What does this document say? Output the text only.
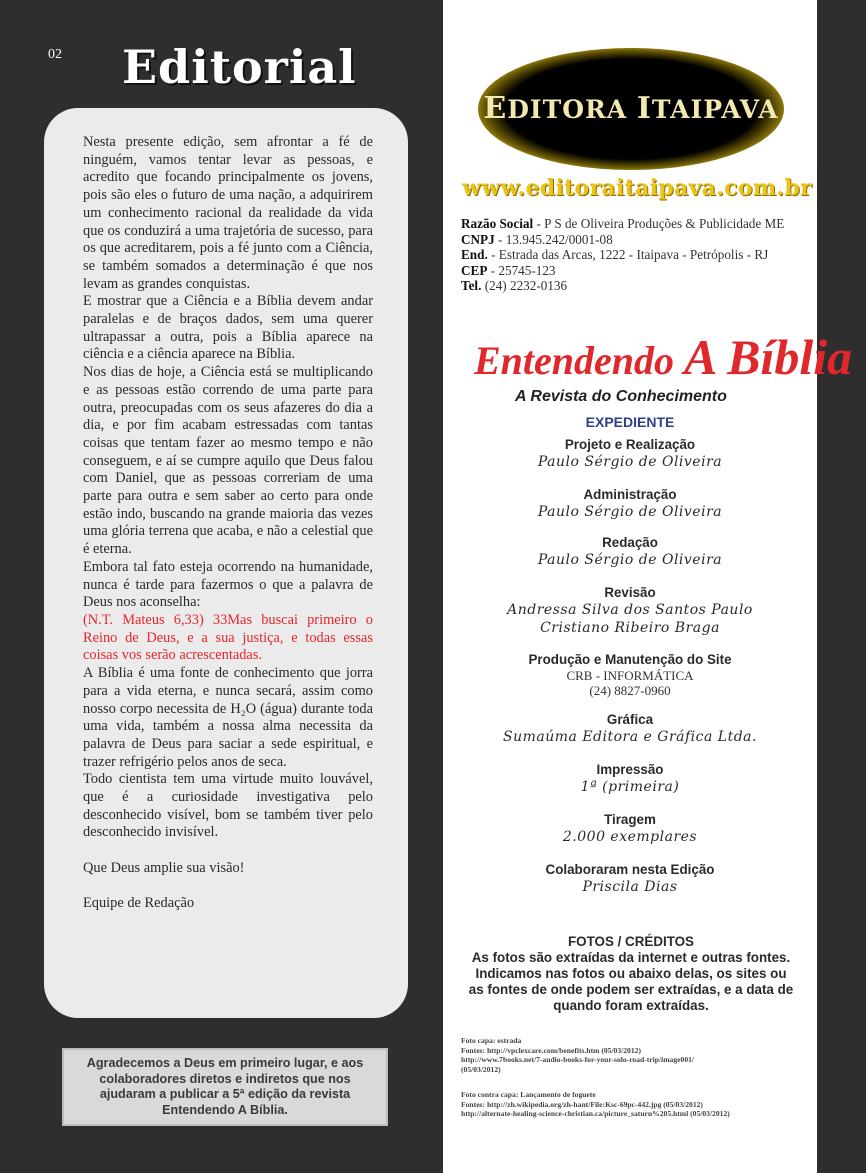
02 Editorial

Nesta presente edição, sem afrontar a fé de ninguém, vamos tentar levar as pessoas, e acredito que focando principalmente os jovens, pois são eles o futuro de uma nação, a adquirirem um conhecimento racional da realidade da vida que os conduzirá a uma trajetória de sucesso, para os que acreditarem, pois a fé junto com a Ciência, se também somados a determinação é que nos levam as grandes conquistas.

E mostrar que a Ciência e a Bíblia devem andar paralelas e de braços dados, sem uma querer ultrapassar a outra, pois a Bíblia aparece na ciência e a ciência aparece na Bíblia.

Nos dias de hoje, a Ciência está se multiplicando e as pessoas estão correndo de uma parte para outra, preocupadas com os seus afazeres do dia a dia, e por fim acabam estressadas com tantas coisas que tentam fazer ao mesmo tempo e não conseguem, e aí se cumpre aquilo que Deus falou com Daniel, que as pessoas correriam de uma parte para outra e sem saber ao certo para onde estão indo, buscando na grande maioria das vezes uma glória terrena que acaba, e não a celestial que é eterna.

Embora tal fato esteja ocorrendo na humanidade, nunca é tarde para fazermos o que a palavra de Deus nos aconselha:

(N.T. Mateus 6,33) 33Mas buscai primeiro o Reino de Deus, e a sua justiça, e todas essas coisas vos serão acrescentadas.

A Bíblia é uma fonte de conhecimento que jorra para a vida eterna, e nunca secará, assim como nosso corpo necessita de H₂O (água) durante toda uma vida, também a nossa alma necessita da palavra de Deus para saciar a sede espiritual, e trazer refrigério pelos anos de seca.

Todo cientista tem uma virtude muito louvável, que é a curiosidade investigativa pelo desconhecido visível, bom se também tiver pelo desconhecido invisível.

Que Deus amplie sua visão!

Equipe de Redação

Agradecemos a Deus em primeiro lugar, e aos colaboradores diretos e indiretos que nos ajudaram a publicar a 5ª edição da revista Entendendo A Bíblia.
EDITORA ITAIPAVA
www.editoraitaipava.com.br
Razão Social - P S de Oliveira Produções & Publicidade ME
CNPJ - 13.945.242/0001-08
End. - Estrada das Arcas, 1222 - Itaipava - Petrópolis - RJ
CEP - 25745-123
Tel. (24) 2232-0136
Entendendo A Bíblia
A Revista do Conhecimento
EXPEDIENTE
Projeto e Realização
Paulo Sérgio de Oliveira
Administração
Paulo Sérgio de Oliveira
Redação
Paulo Sérgio de Oliveira
Revisão
Andressa Silva dos Santos Paulo
Cristiano Ribeiro Braga
Produção e Manutenção do Site
CRB - INFORMÁTICA
(24) 8827-0960
Gráfica
Sumaúma Editora e Gráfica Ltda.
Impressão
1ª (primeira)
Tiragem
2.000 exemplares
Colaboraram nesta Edição
Priscila Dias
FOTOS / CRÉDITOS
As fotos são extraídas da internet e outras fontes. Indicamos nas fotos ou abaixo delas, os sites ou as fontes de onde podem ser extraídas, e a data de quando foram extraídas.
Foto capa: estrada
Fontes: http://vpclexcare.com/benefits.htm (05/03/2012)
http://www.7books.net/7-audio-books-for-your-solo-road-trip/image001/
(05/03/2012)
Foto contra capa: Lançamento de foguete
Fontes: http://zh.wikipedia.org/zh-hant/File:Ksc-69pc-442.jpg (05/03/2012)
http://alternate-healing-science-christian.ca/picture_saturn%205.html (05/03/2012)
